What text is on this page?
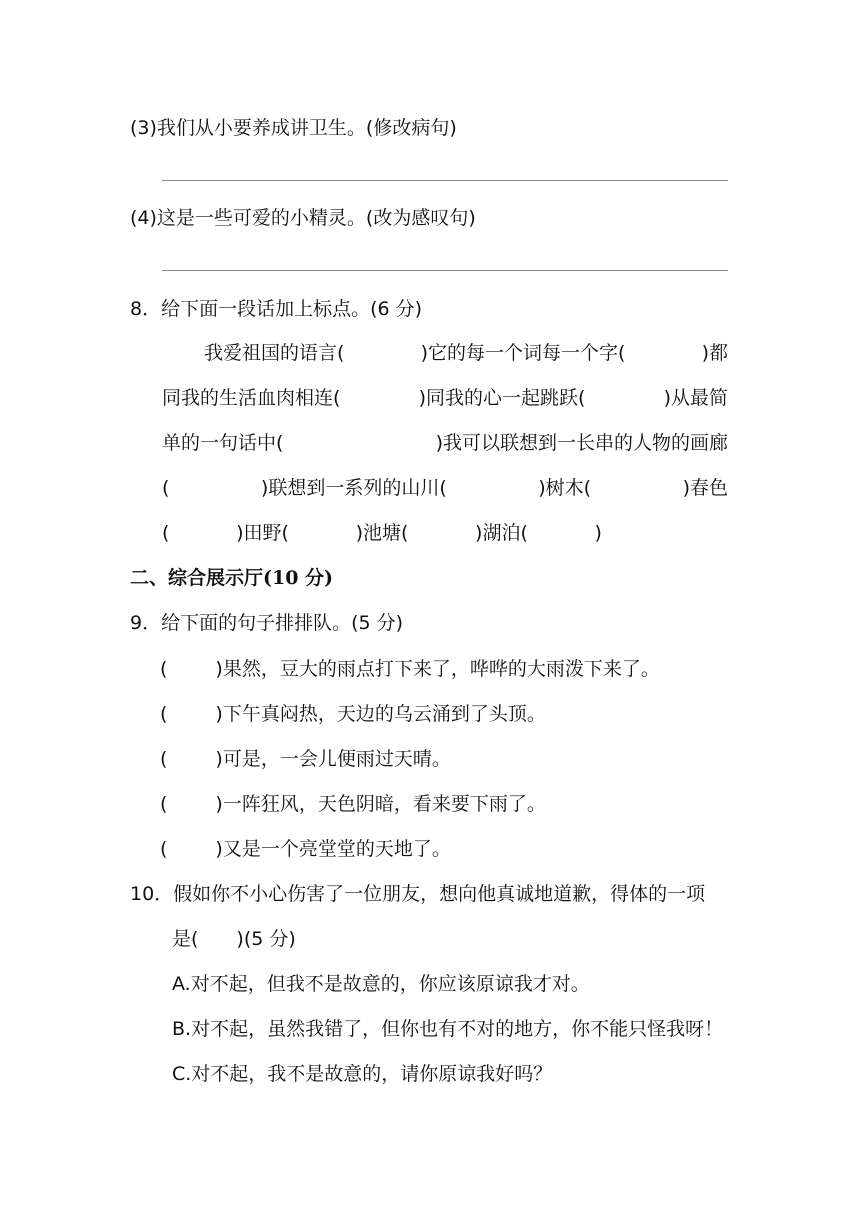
(3)我们从小要养成讲卫生。(修改病句)
(4)这是一些可爱的小精灵。(改为感叹句)
8．给下面一段话加上标点。(6 分)
我爱祖国的语言(	)它的每一个词每一个字(	)都
同我的生活血肉相连(	)同我的心一起跳跃(	)从最简
单的一句话中(	)我可以联想到一长串的人物的画廊
(	)联想到一系列的山川(	)树木(	)春色
(	)田野(	)池塘(	)湖泊(	)
二、综合展示厅(10 分)
9．给下面的句子排排队。(5 分)
(	)果然，豆大的雨点打下来了，哗哗的大雨泼下来了。
(	)下午真闷热，天边的乌云涌到了头顶。
(	)可是，一会儿便雨过天晴。
(	)一阵狂风，天色阴暗，看来要下雨了。
(	)又是一个亮堂堂的天地了。
10．假如你不小心伤害了一位朋友，想向他真诚地道歉，得体的一项
是(　　)(5 分)
A.对不起，但我不是故意的，你应该原谅我才对。
B.对不起，虽然我错了，但你也有不对的地方，你不能只怪我呀！
C.对不起，我不是故意的，请你原谅我好吗？
